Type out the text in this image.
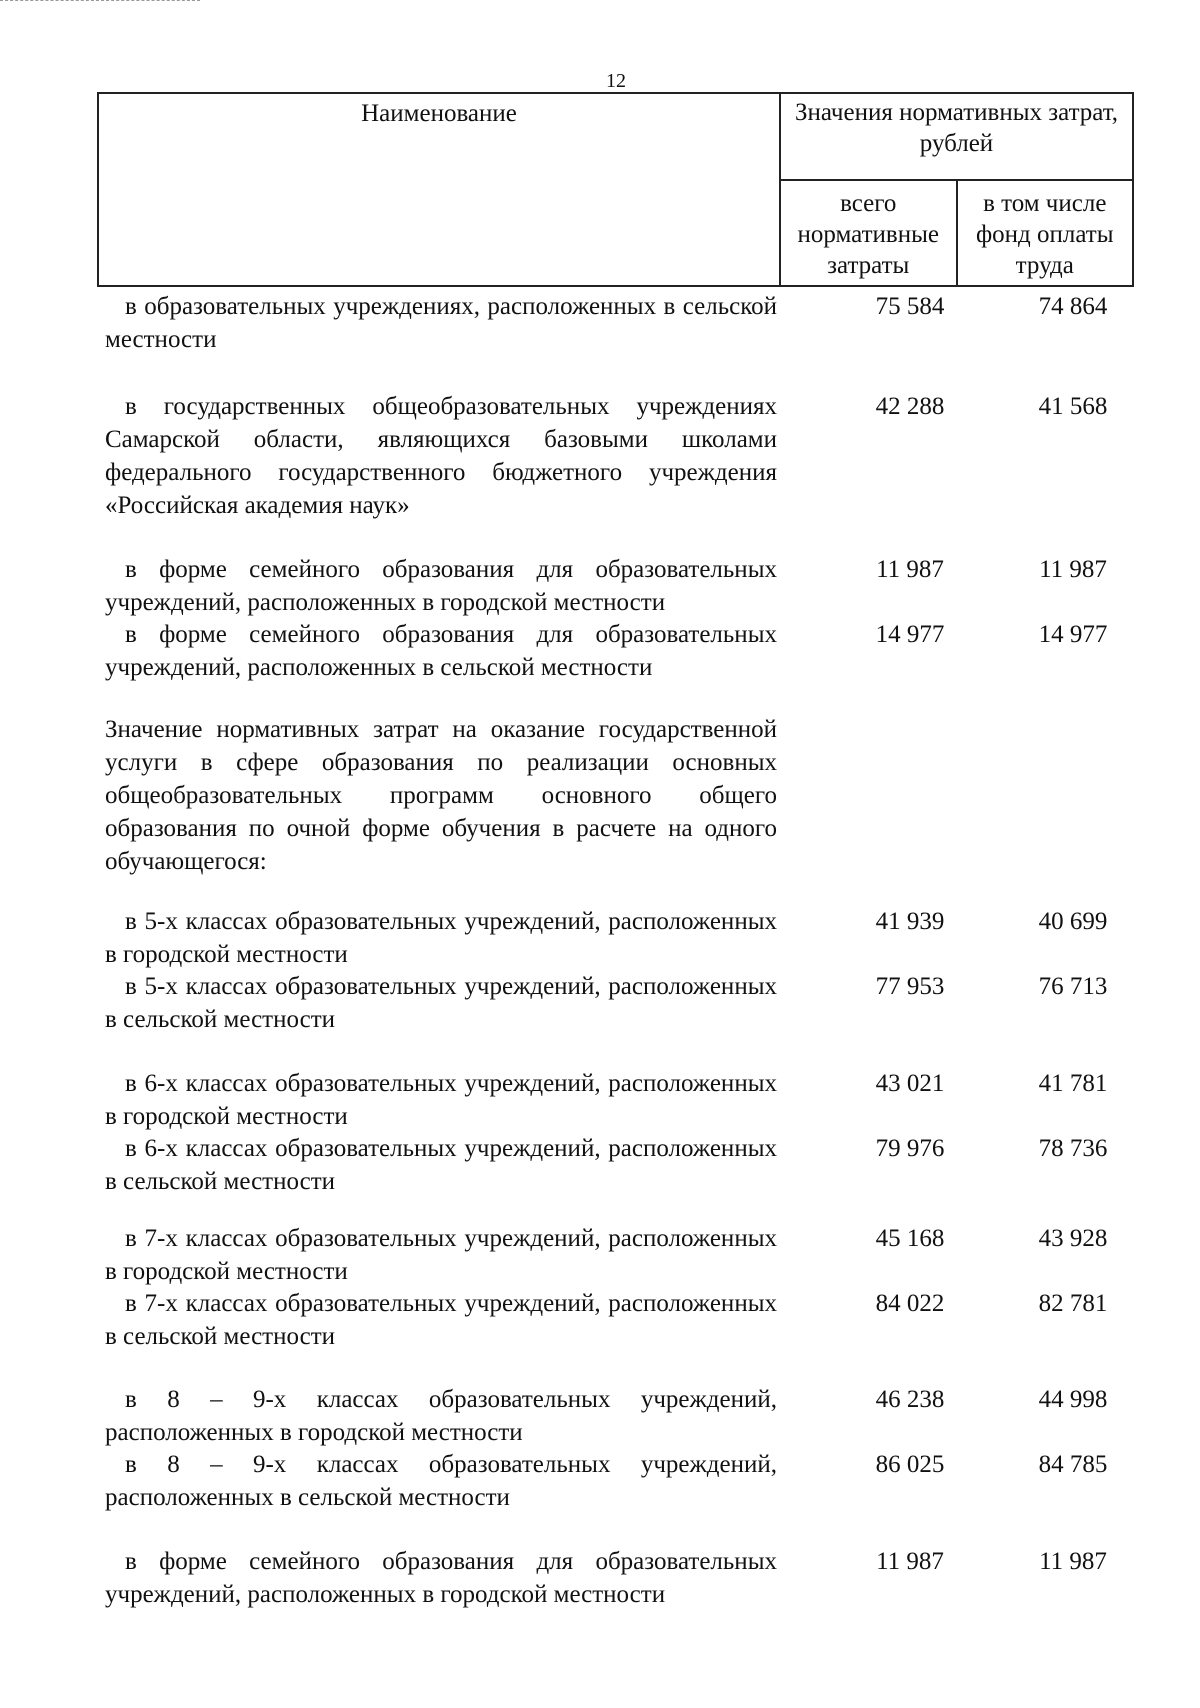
12
Наименование	Значения нормативных затрат, рублей	
	всего нормативные затраты	в том числе фонд оплаты труда
в образовательных учреждениях, расположенных в сельской местности
75 584	74 864
в государственных общеобразовательных учреждениях Самарской области, являющихся базовыми школами федерального государственного бюджетного учреждения «Российская академия наук»
42 288	41 568
в форме семейного образования для образовательных учреждений, расположенных в городской местности
11 987	11 987
в форме семейного образования для образовательных учреждений, расположенных в сельской местности
14 977	14 977
Значение нормативных затрат на оказание государственной услуги в сфере образования по реализации основных общеобразовательных программ основного общего образования по очной форме обучения в расчете на одного обучающегося:
в 5-х классах образовательных учреждений, расположенных в городской местности
41 939	40 699
в 5-х классах образовательных учреждений, расположенных в сельской местности
77 953	76 713
в 6-х классах образовательных учреждений, расположенных в городской местности
43 021	41 781
в 6-х классах образовательных учреждений, расположенных в сельской местности
79 976	78 736
в 7-х классах образовательных учреждений, расположенных в городской местности
45 168	43 928
в 7-х классах образовательных учреждений, расположенных в сельской местности
84 022	82 781
в 8 – 9-х классах образовательных учреждений, расположенных в городской местности
46 238	44 998
в 8 – 9-х классах образовательных учреждений, расположенных в сельской местности
86 025	84 785
в форме семейного образования для образовательных учреждений, расположенных в городской местности
11 987	11 987
